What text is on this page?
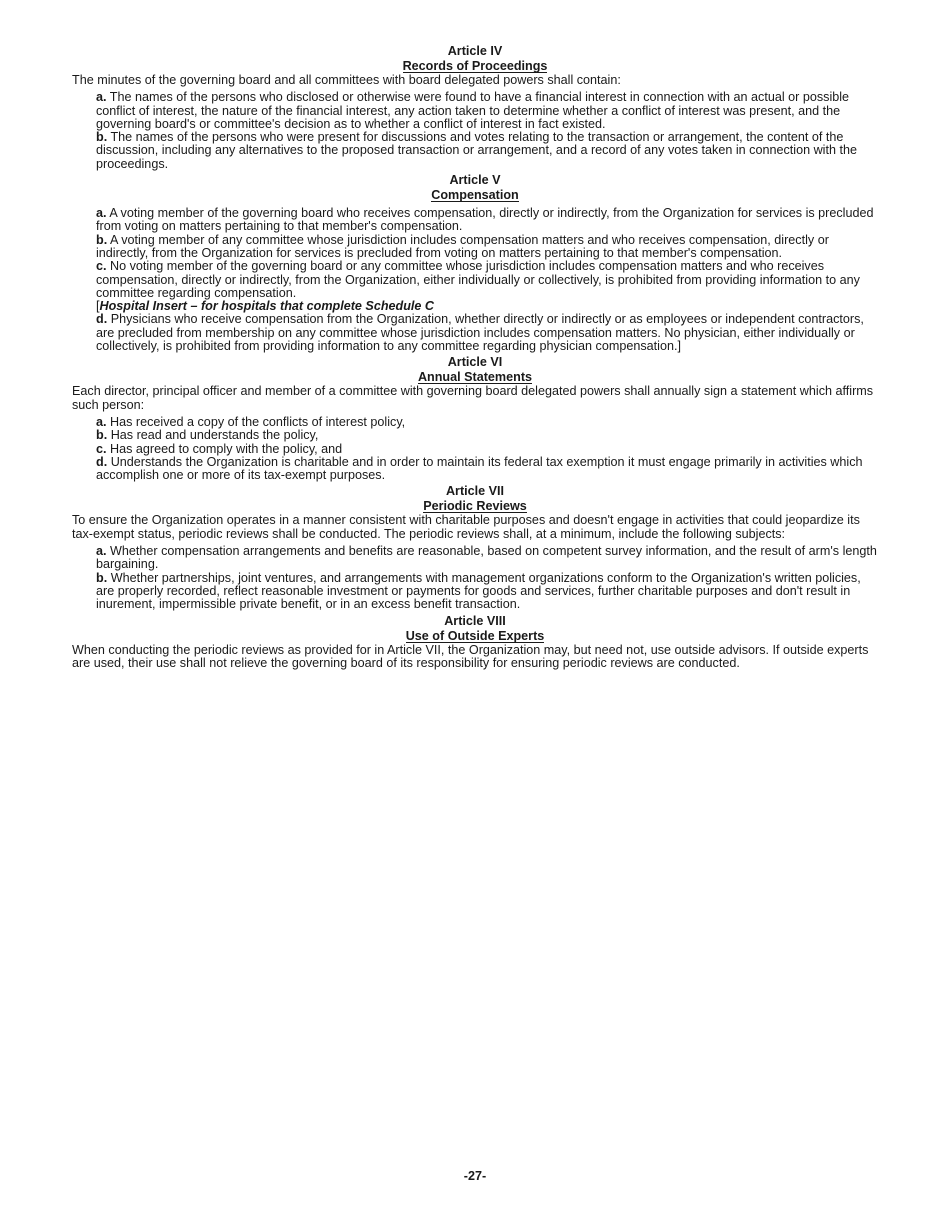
Article IV

Records of Proceedings

The minutes of the governing board and all committees with board delegated powers shall contain:

a. The names of the persons who disclosed or otherwise were found to have a financial interest in connection with an actual or possible conflict of interest, the nature of the financial interest, any action taken to determine whether a conflict of interest was present, and the governing board's or committee's decision as to whether a conflict of interest in fact existed.

b. The names of the persons who were present for discussions and votes relating to the transaction or arrangement, the content of the discussion, including any alternatives to the proposed transaction or arrangement, and a record of any votes taken in connection with the proceedings.

Article V

Compensation

a. A voting member of the governing board who receives compensation, directly or indirectly, from the Organization for services is precluded from voting on matters pertaining to that member's compensation.

b. A voting member of any committee whose jurisdiction includes compensation matters and who receives compensation, directly or indirectly, from the Organization for services is precluded from voting on matters pertaining to that member's compensation.

c. No voting member of the governing board or any committee whose jurisdiction includes compensation matters and who receives compensation, directly or indirectly, from the Organization, either individually or collectively, is prohibited from providing information to any committee regarding compensation.

[Hospital Insert – for hospitals that complete Schedule C

d. Physicians who receive compensation from the Organization, whether directly or indirectly or as employees or independent contractors, are precluded from membership on any committee whose jurisdiction includes compensation matters. No physician, either individually or collectively, is prohibited from providing information to any committee regarding physician compensation.]

Article VI

Annual Statements

Each director, principal officer and member of a committee with governing board delegated powers shall annually sign a statement which affirms such person:

a. Has received a copy of the conflicts of interest policy,

b. Has read and understands the policy,

c. Has agreed to comply with the policy, and

d. Understands the Organization is charitable and in order to maintain its federal tax exemption it must engage primarily in activities which accomplish one or more of its tax-exempt purposes.

Article VII

Periodic Reviews

To ensure the Organization operates in a manner consistent with charitable purposes and doesn't engage in activities that could jeopardize its tax-exempt status, periodic reviews shall be conducted. The periodic reviews shall, at a minimum, include the following subjects:

a. Whether compensation arrangements and benefits are reasonable, based on competent survey information, and the result of arm's length bargaining.

b. Whether partnerships, joint ventures, and arrangements with management organizations conform to the Organization's written policies, are properly recorded, reflect reasonable investment or payments for goods and services, further charitable purposes and don't result in inurement, impermissible private benefit, or in an excess benefit transaction.

Article VIII

Use of Outside Experts

When conducting the periodic reviews as provided for in Article VII, the Organization may, but need not, use outside advisors. If outside experts are used, their use shall not relieve the governing board of its responsibility for ensuring periodic reviews are conducted.

-27-
